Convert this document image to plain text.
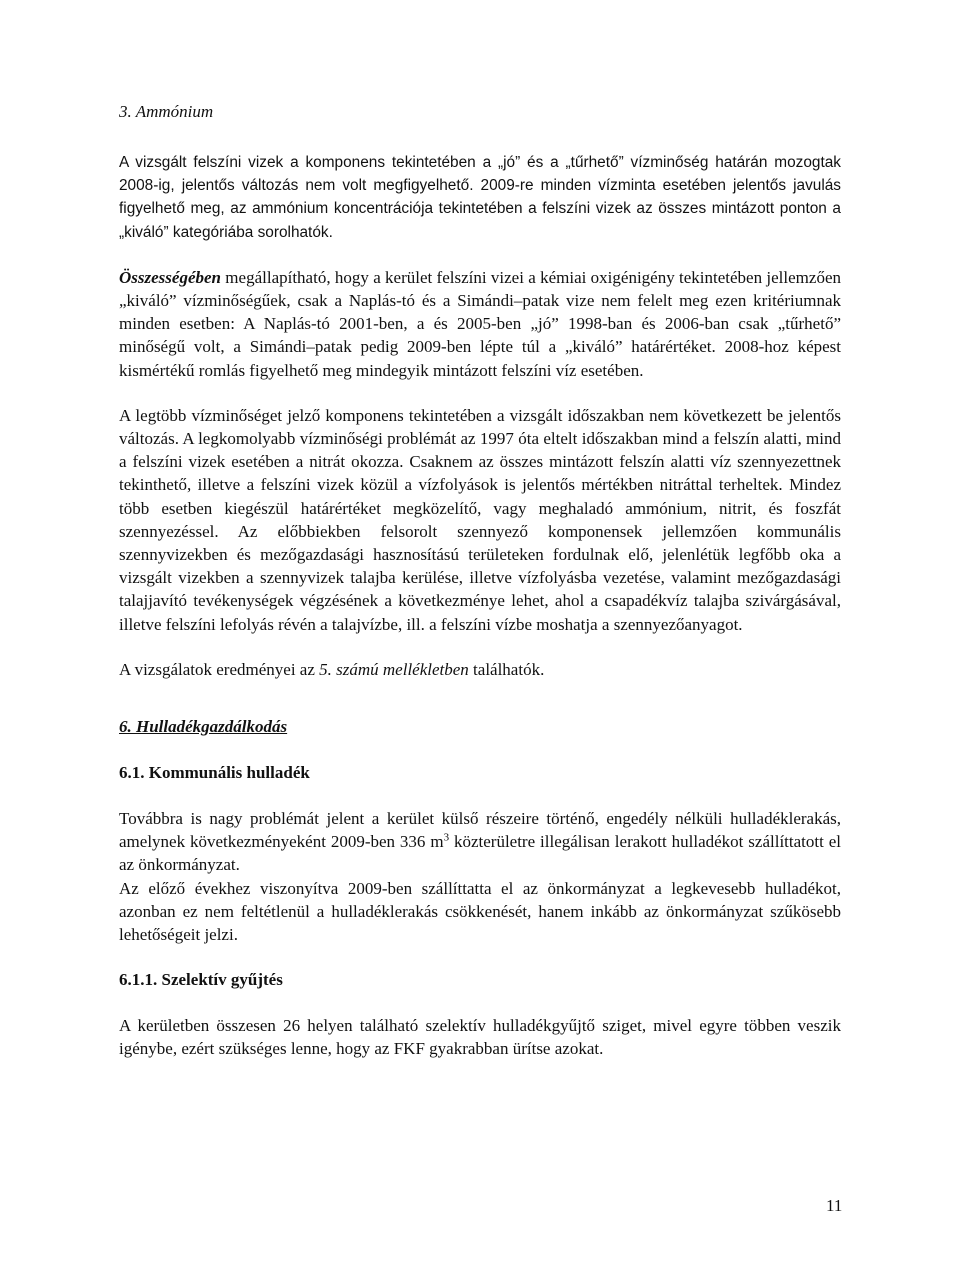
3. Ammónium

A vizsgált felszíni vizek a komponens tekintetében a „jó” és a „tűrhető” vízminőség határán mozogtak 2008-ig, jelentős változás nem volt megfigyelhető. 2009-re minden vízminta esetében jelentős javulás figyelhető meg, az ammónium koncentrációja tekintetében a felszíni vizek az összes mintázott ponton a „kiváló” kategóriába sorolhatók.

Összességében megállapítható, hogy a kerület felszíni vizei a kémiai oxigénigény tekintetében jellemzően „kiváló” vízminőségűek, csak a Naplás-tó és a Simándi–patak vize nem felelt meg ezen kritériumnak minden esetben: A Naplás-tó 2001-ben, a és 2005-ben „jó” 1998-ban és 2006-ban csak „tűrhető” minőségű volt, a Simándi–patak pedig 2009-ben lépte túl a „kiváló” határértéket. 2008-hoz képest kismértékű romlás figyelhető meg mindegyik mintázott felszíni víz esetében.

A legtöbb vízminőséget jelző komponens tekintetében a vizsgált időszakban nem következett be jelentős változás. A legkomolyabb vízminőségi problémát az 1997 óta eltelt időszakban mind a felszín alatti, mind a felszíni vizek esetében a nitrát okozza. Csaknem az összes mintázott felszín alatti víz szennyezettnek tekinthető, illetve a felszíni vizek közül a vízfolyások is jelentős mértékben nitráttal terheltek. Mindez több esetben kiegészül határértéket megközelítő, vagy meghaladó ammónium, nitrit, és foszfát szennyezéssel. Az előbbiekben felsorolt szennyező komponensek jellemzően kommunális szennyvizekben és mezőgazdasági hasznosítású területeken fordulnak elő, jelenlétük legfőbb oka a vizsgált vizekben a szennyvizek talajba kerülése, illetve vízfolyásba vezetése, valamint mezőgazdasági talajjavító tevékenységek végzésének a következménye lehet, ahol a csapadékvíz talajba szivárgásával, illetve felszíni lefolyás révén a talajvízbe, ill. a felszíni vízbe moshatja a szennyezőanyagot.

A vizsgálatok eredményei az 5. számú mellékletben találhatók.

6. Hulladékgazdálkodás
6.1. Kommunális hulladék

Továbbra is nagy problémát jelent a kerület külső részeire történő, engedély nélküli hulladéklerakás, amelynek következményeként 2009-ben 336 $m^3$ közterületre illegálisan lerakott hulladékot szállíttatott el az önkormányzat.

Az előző évekhez viszonyítva 2009-ben szállíttatta el az önkormányzat a legkevesebb hulladékot, azonban ez nem feltétlenül a hulladéklerakás csökkenését, hanem inkább az önkormányzat szűkösebb lehetőségeit jelzi.

6.1.1. Szelektív gyűjtés

A kerületben összesen 26 helyen található szelektív hulladékgyűjtő sziget, mivel egyre többen veszik igénybe, ezért szükséges lenne, hogy az FKF gyakrabban ürítse azokat.

11
